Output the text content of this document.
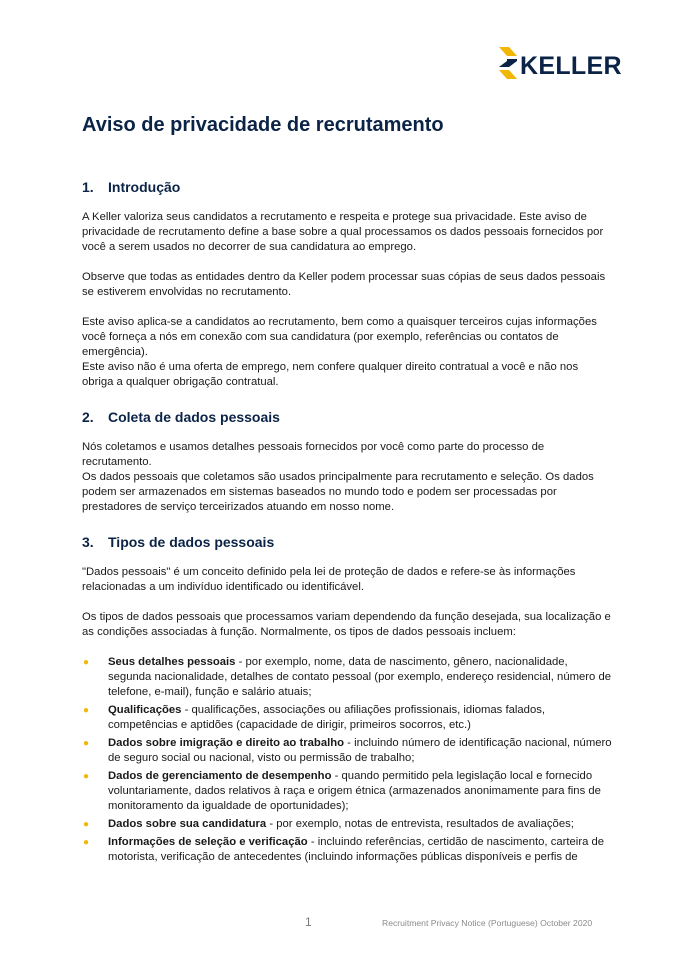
KELLER
Aviso de privacidade de recrutamento
1. Introdução

A Keller valoriza seus candidatos a recrutamento e respeita e protege sua privacidade. Este aviso de privacidade de recrutamento define a base sobre a qual processamos os dados pessoais fornecidos por você a serem usados no decorrer de sua candidatura ao emprego.

Observe que todas as entidades dentro da Keller podem processar suas cópias de seus dados pessoais se estiverem envolvidas no recrutamento.

Este aviso aplica-se a candidatos ao recrutamento, bem como a quaisquer terceiros cujas informações você forneça a nós em conexão com sua candidatura (por exemplo, referências ou contatos de emergência).

Este aviso não é uma oferta de emprego, nem confere qualquer direito contratual a você e não nos obriga a qualquer obrigação contratual.

2. Coleta de dados pessoais

Nós coletamos e usamos detalhes pessoais fornecidos por você como parte do processo de recrutamento.

Os dados pessoais que coletamos são usados principalmente para recrutamento e seleção. Os dados podem ser armazenados em sistemas baseados no mundo todo e podem ser processadas por prestadores de serviço terceirizados atuando em nosso nome.

3. Tipos de dados pessoais

"Dados pessoais" é um conceito definido pela lei de proteção de dados e refere-se às informações relacionadas a um indivíduo identificado ou identificável.

Os tipos de dados pessoais que processamos variam dependendo da função desejada, sua localização e as condições associadas à função. Normalmente, os tipos de dados pessoais incluem:

● Seus detalhes pessoais - por exemplo, nome, data de nascimento, gênero, nacionalidade, segunda nacionalidade, detalhes de contato pessoal (por exemplo, endereço residencial, número de telefone, e-mail), função e salário atuais;
● Qualificações - qualificações, associações ou afiliações profissionais, idiomas falados, competências e aptidões (capacidade de dirigir, primeiros socorros, etc.)
● Dados sobre imigração e direito ao trabalho - incluindo número de identificação nacional, número de seguro social ou nacional, visto ou permissão de trabalho;
● Dados de gerenciamento de desempenho - quando permitido pela legislação local e fornecido voluntariamente, dados relativos à raça e origem étnica (armazenados anonimamente para fins de monitoramento da igualdade de oportunidades);
● Dados sobre sua candidatura - por exemplo, notas de entrevista, resultados de avaliações;
● Informações de seleção e verificação - incluindo referências, certidão de nascimento, carteira de motorista, verificação de antecedentes (incluindo informações públicas disponíveis e perfis de
1	Recruitment Privacy Notice (Portuguese) October 2020
